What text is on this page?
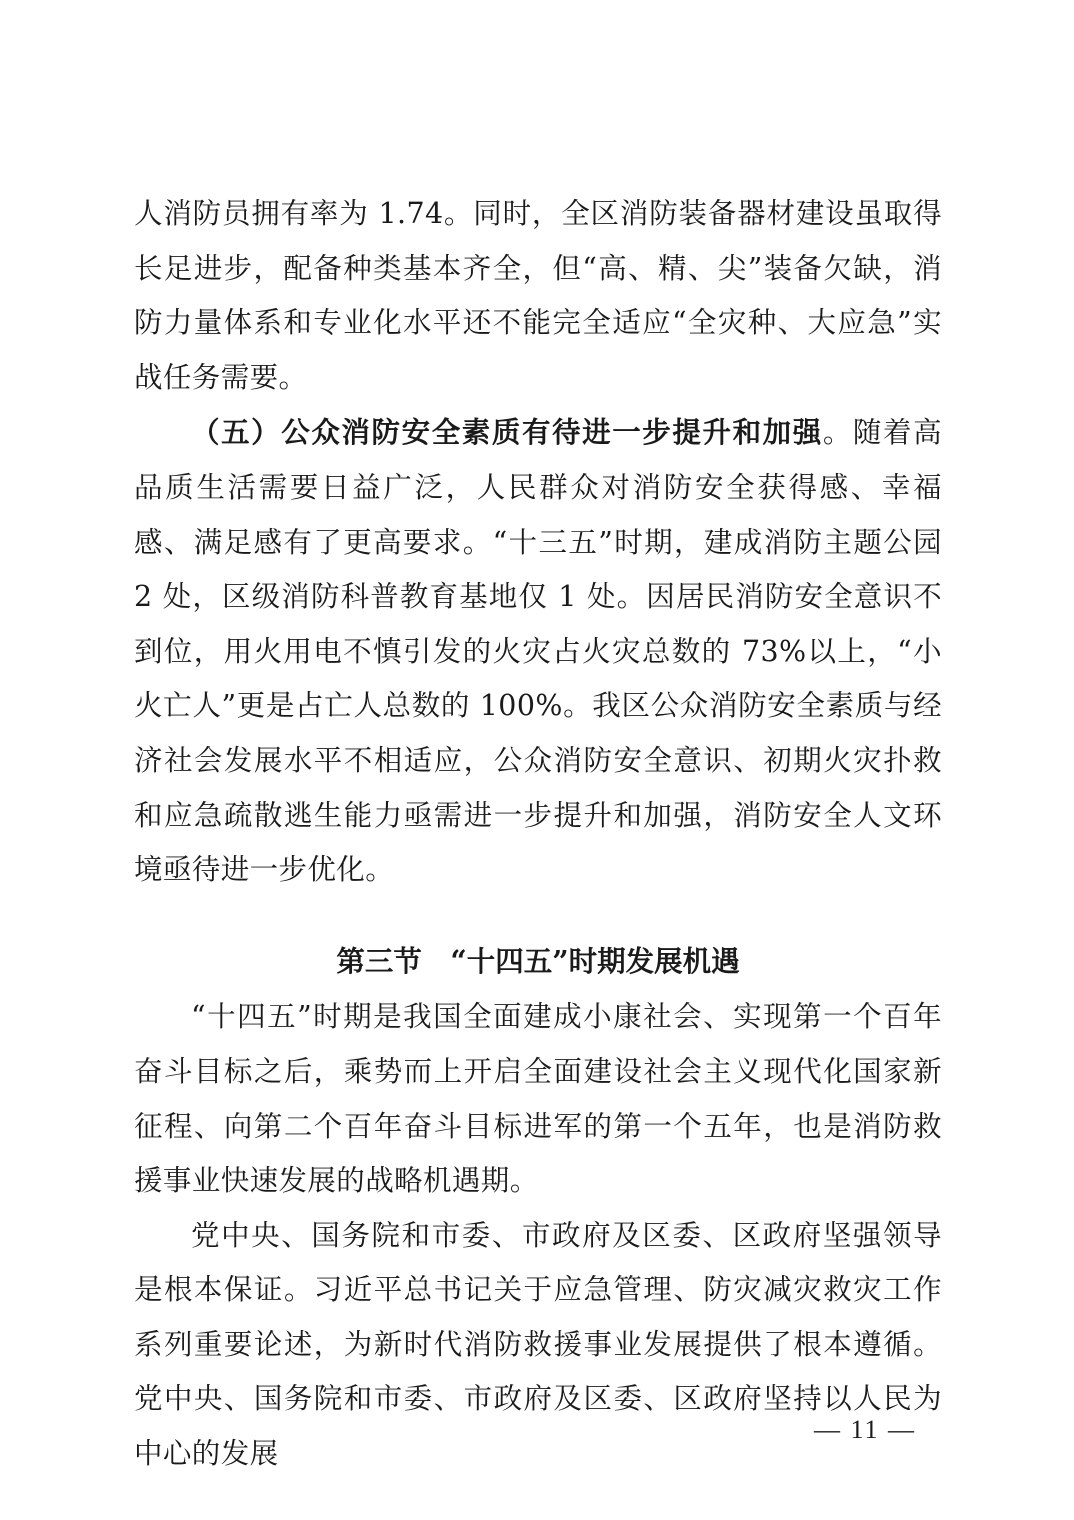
人消防员拥有率为 1.74。同时，全区消防装备器材建设虽取得长足进步，配备种类基本齐全，但“高、精、尖”装备欠缺，消防力量体系和专业化水平还不能完全适应“全灾种、大应急”实战任务需要。

（五）公众消防安全素质有待进一步提升和加强。随着高品质生活需要日益广泛，人民群众对消防安全获得感、幸福感、满足感有了更高要求。“十三五”时期，建成消防主题公园 2 处，区级消防科普教育基地仅 1 处。因居民消防安全意识不到位，用火用电不慎引发的火灾占火灾总数的 73%以上，“小火亡人”更是占亡人总数的 100%。我区公众消防安全素质与经济社会发展水平不相适应，公众消防安全意识、初期火灾扑救和应急疏散逃生能力亟需进一步提升和加强，消防安全人文环境亟待进一步优化。

第三节　“十四五”时期发展机遇

“十四五”时期是我国全面建成小康社会、实现第一个百年奋斗目标之后，乘势而上开启全面建设社会主义现代化国家新征程、向第二个百年奋斗目标进军的第一个五年，也是消防救援事业快速发展的战略机遇期。

党中央、国务院和市委、市政府及区委、区政府坚强领导是根本保证。习近平总书记关于应急管理、防灾减灾救灾工作系列重要论述，为新时代消防救援事业发展提供了根本遵循。党中央、国务院和市委、市政府及区委、区政府坚持以人民为中心的发展

— 11 —
